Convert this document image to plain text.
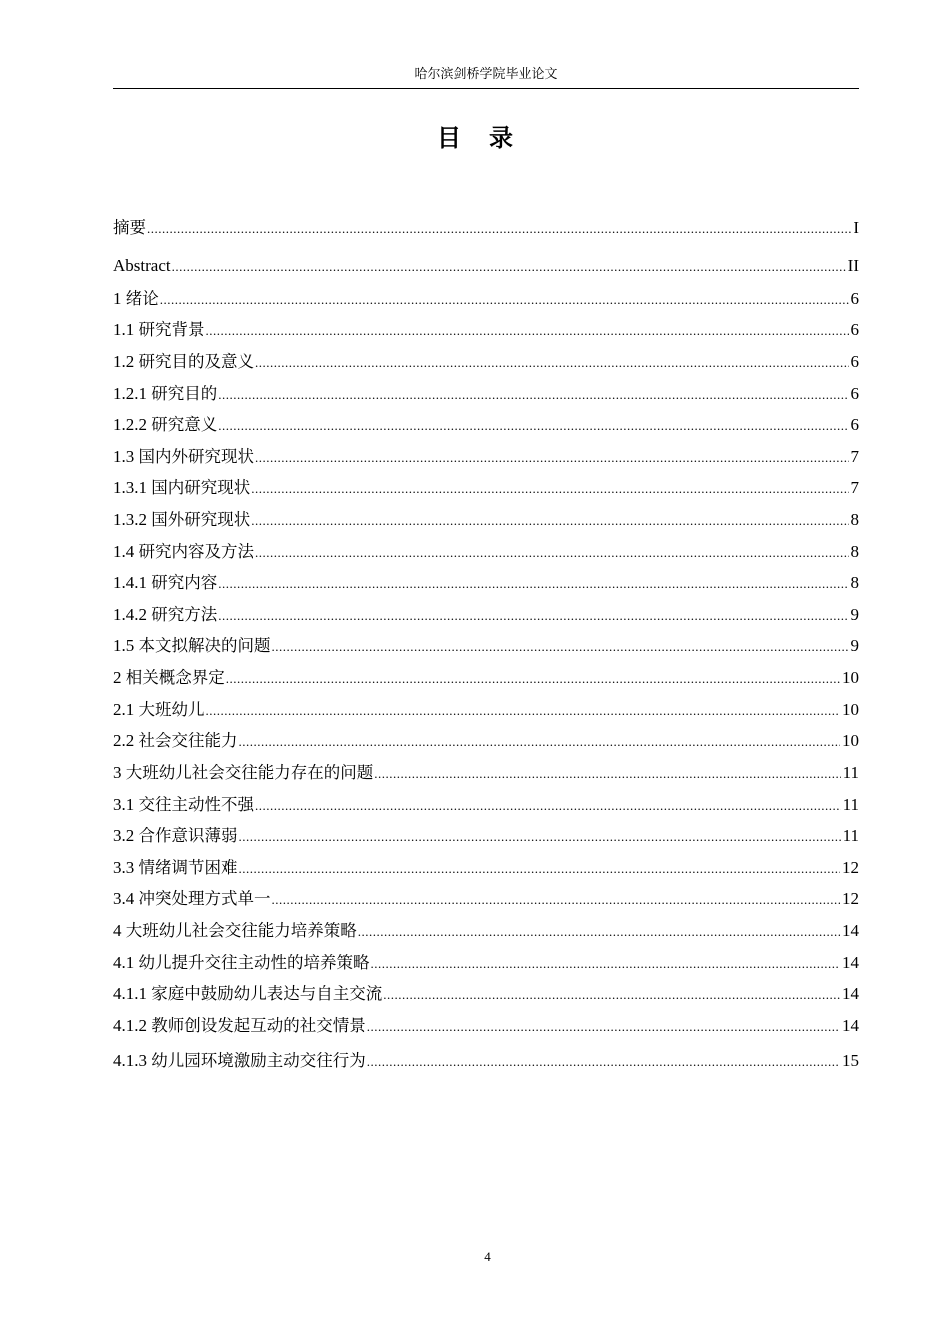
哈尔滨剑桥学院毕业论文
目录
摘要 .....	I
Abstract .....	II
1 绪论 .....	6
1.1 研究背景 .....	6
1.2 研究目的及意义 .....	6
1.2.1 研究目的 .....	6
1.2.2 研究意义 .....	6
1.3 国内外研究现状 .....	7
1.3.1 国内研究现状 .....	7
1.3.2 国外研究现状 .....	8
1.4 研究内容及方法 .....	8
1.4.1 研究内容 .....	8
1.4.2 研究方法 .....	9
1.5 本文拟解决的问题 .....	9
2 相关概念界定 .....	10
2.1 大班幼儿 .....	10
2.2 社会交往能力 .....	10
3 大班幼儿社会交往能力存在的问题 .....	11
3.1 交往主动性不强 .....	11
3.2 合作意识薄弱 .....	11
3.3 情绪调节困难 .....	12
3.4 冲突处理方式单一 .....	12
4 大班幼儿社会交往能力培养策略 .....	14
4.1 幼儿提升交往主动性的培养策略 .....	14
4.1.1 家庭中鼓励幼儿表达与自主交流 .....	14
4.1.2 教师创设发起互动的社交情景 .....	14
4.1.3 幼儿园环境激励主动交往行为 .....	15
4
